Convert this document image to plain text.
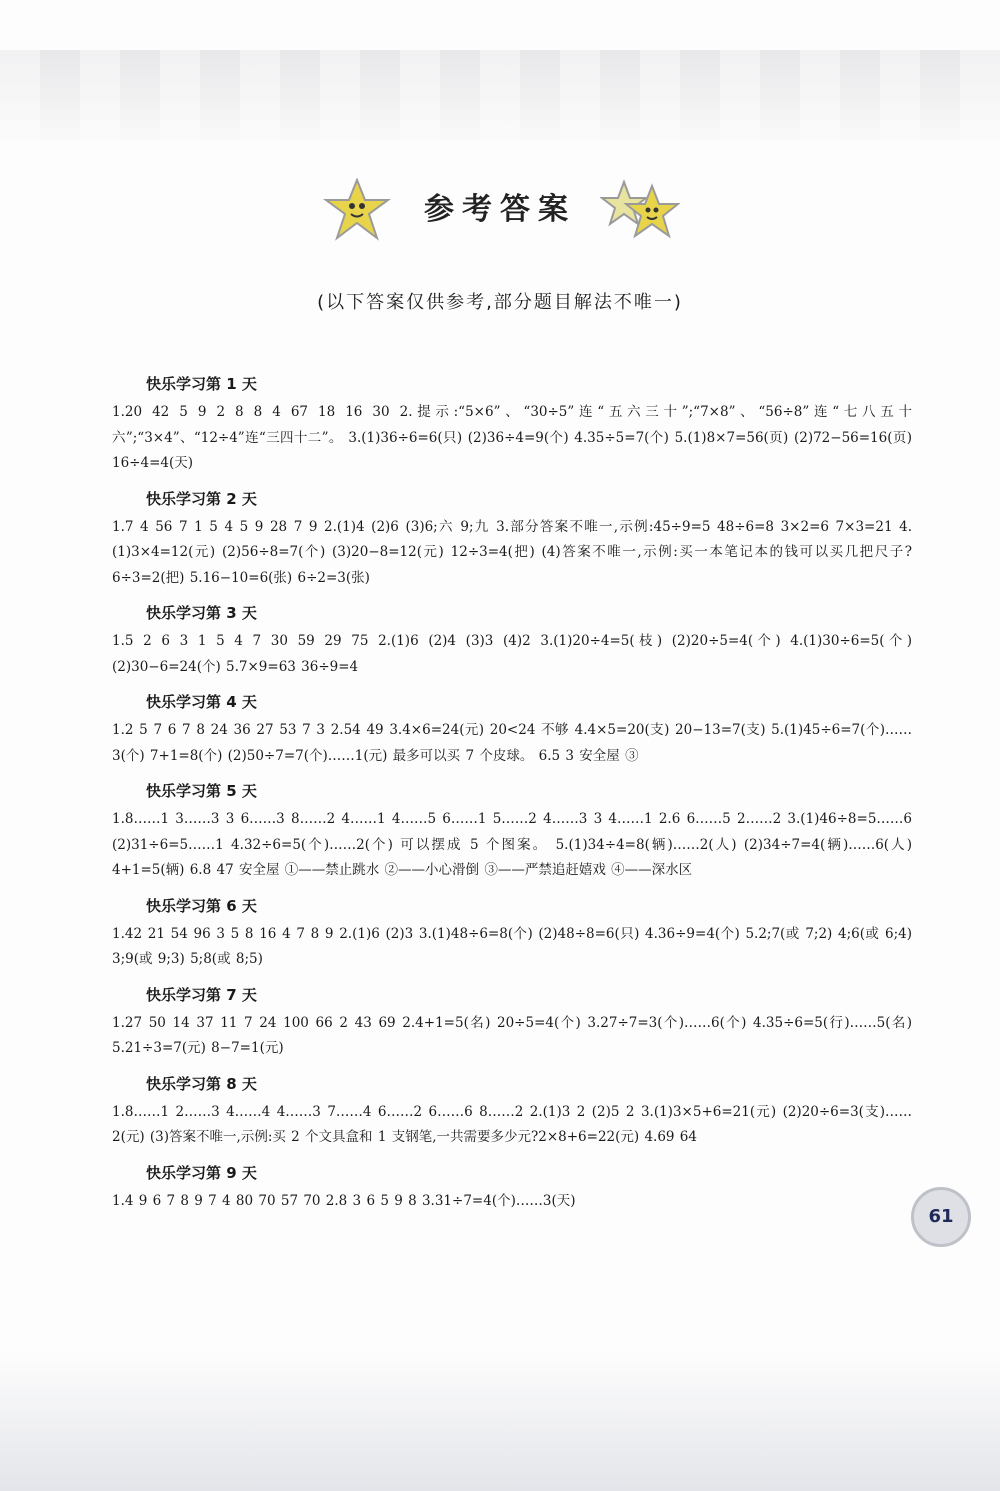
参考答案
(以下答案仅供参考,部分题目解法不唯一)
快乐学习第 1 天
1.20 42 5 9 2 8 8 4 67 18 16 30 2.提示:“5×6”、“30÷5”连“五六三十”;“7×8”、“56÷8”连“七八五十六”;“3×4”、“12÷4”连“三四十二”。 3.(1)36÷6=6(只) (2)36÷4=9(个) 4.35÷5=7(个) 5.(1)8×7=56(页) (2)72−56=16(页) 16÷4=4(天)
快乐学习第 2 天
1.7 4 56 7 1 5 4 5 9 28 7 9 2.(1)4 (2)6 (3)6;六 9;九 3.部分答案不唯一,示例:45÷9=5 48÷6=8 3×2=6 7×3=21 4.(1)3×4=12(元) (2)56÷8=7(个) (3)20−8=12(元) 12÷3=4(把) (4)答案不唯一,示例:买一本笔记本的钱可以买几把尺子?6÷3=2(把) 5.16−10=6(张) 6÷2=3(张)
快乐学习第 3 天
1.5 2 6 3 1 5 4 7 30 59 29 75 2.(1)6 (2)4 (3)3 (4)2 3.(1)20÷4=5(枝) (2)20÷5=4(个) 4.(1)30÷6=5(个) (2)30−6=24(个) 5.7×9=63 36÷9=4
快乐学习第 4 天
1.2 5 7 6 7 8 24 36 27 53 7 3 2.54 49 3.4×6=24(元) 20<24 不够 4.4×5=20(支) 20−13=7(支) 5.(1)45÷6=7(个)……3(个) 7+1=8(个) (2)50÷7=7(个)……1(元) 最多可以买 7 个皮球。 6.5 3 安全屋 ③
快乐学习第 5 天
1.8……1 3……3 3 6……3 8……2 4……1 4……5 6……1 5……2 4……3 3 4……1 2.6 6……5 2……2 3.(1)46÷8=5……6 (2)31÷6=5……1 4.32÷6=5(个)……2(个) 可以摆成 5 个图案。 5.(1)34÷4=8(辆)……2(人) (2)34÷7=4(辆)……6(人) 4+1=5(辆) 6.8 47 安全屋 ①——禁止跳水 ②——小心滑倒 ③——严禁追赶嬉戏 ④——深水区
快乐学习第 6 天
1.42 21 54 96 3 5 8 16 4 7 8 9 2.(1)6 (2)3 3.(1)48÷6=8(个) (2)48÷8=6(只) 4.36÷9=4(个) 5.2;7(或 7;2) 4;6(或 6;4) 3;9(或 9;3) 5;8(或 8;5)
快乐学习第 7 天
1.27 50 14 37 11 7 24 100 66 2 43 69 2.4+1=5(名) 20÷5=4(个) 3.27÷7=3(个)……6(个) 4.35÷6=5(行)……5(名) 5.21÷3=7(元) 8−7=1(元)
快乐学习第 8 天
1.8……1 2……3 4……4 4……3 7……4 6……2 6……6 8……2 2.(1)3 2 (2)5 2 3.(1)3×5+6=21(元) (2)20÷6=3(支)……2(元) (3)答案不唯一,示例:买 2 个文具盒和 1 支钢笔,一共需要多少元?2×8+6=22(元) 4.69 64
快乐学习第 9 天
1.4 9 6 7 8 9 7 4 80 70 57 70 2.8 3 6 5 9 8 3.31÷7=4(个)……3(天)
61
